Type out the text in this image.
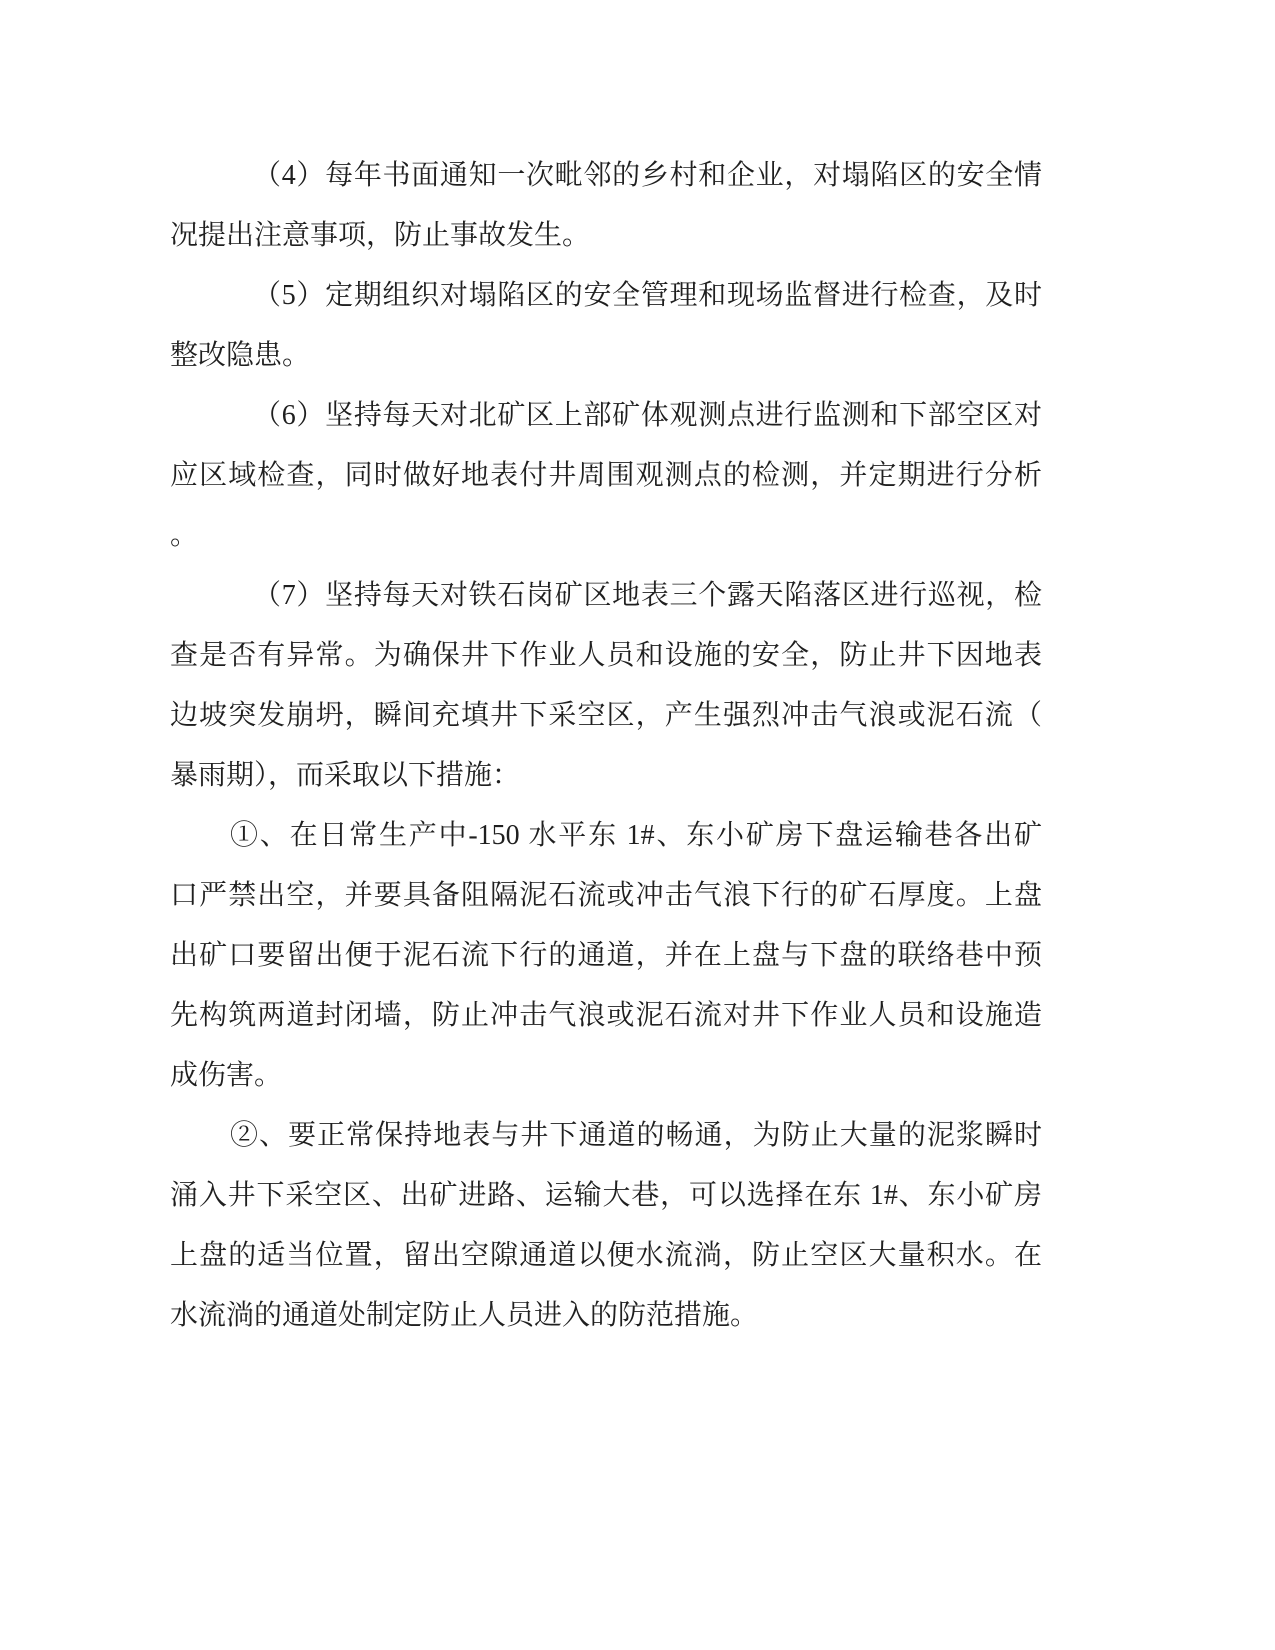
（4）每年书面通知一次毗邻的乡村和企业，对塌陷区的安全情
况提出注意事项，防止事故发生。
（5）定期组织对塌陷区的安全管理和现场监督进行检查，及时
整改隐患。
（6）坚持每天对北矿区上部矿体观测点进行监测和下部空区对
应区域检查，同时做好地表付井周围观测点的检测，并定期进行分析
。
（7）坚持每天对铁石岗矿区地表三个露天陷落区进行巡视，检
查是否有异常。为确保井下作业人员和设施的安全，防止井下因地表
边坡突发崩坍，瞬间充填井下采空区，产生强烈冲击气浪或泥石流（
暴雨期），而采取以下措施：
①、在日常生产中-150 水平东 1#、东小矿房下盘运输巷各出矿
口严禁出空，并要具备阻隔泥石流或冲击气浪下行的矿石厚度。上盘
出矿口要留出便于泥石流下行的通道，并在上盘与下盘的联络巷中预
先构筑两道封闭墙，防止冲击气浪或泥石流对井下作业人员和设施造
成伤害。
②、要正常保持地表与井下通道的畅通，为防止大量的泥浆瞬时
涌入井下采空区、出矿进路、运输大巷，可以选择在东 1#、东小矿房
上盘的适当位置，留出空隙通道以便水流淌，防止空区大量积水。在
水流淌的通道处制定防止人员进入的防范措施。
